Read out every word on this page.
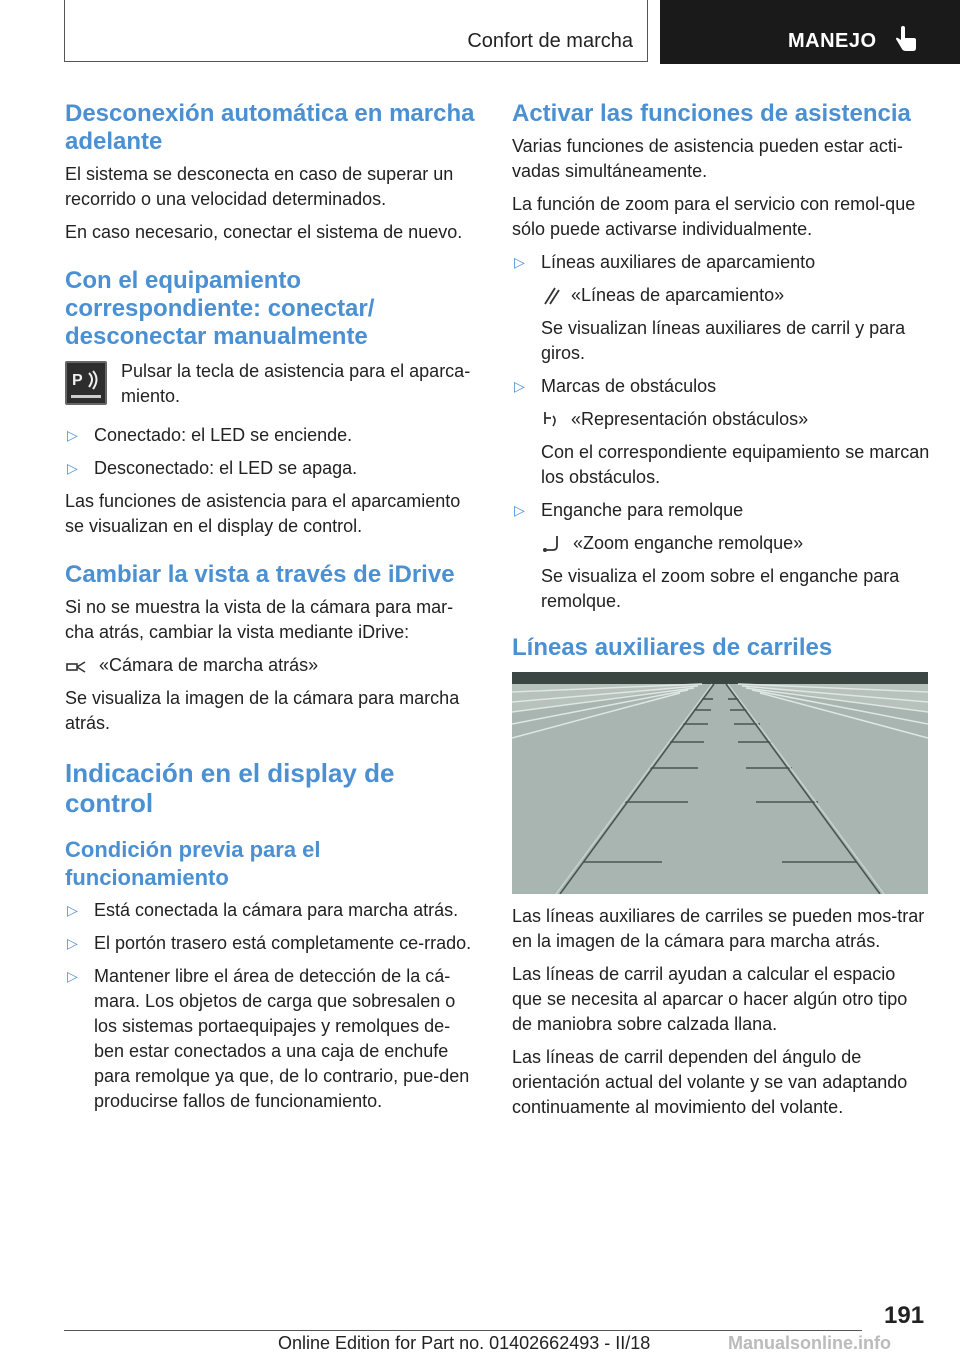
Confort de marcha	MANEJO
Desconexión automática en marcha adelante

El sistema se desconecta en caso de superar un recorrido o una velocidad determinados.

En caso necesario, conectar el sistema de nuevo.

Con el equipamiento correspondiente: conectar/ desconectar manualmente
P Pulsar la tecla de asistencia para el aparca-miento.

▷ Conectado: el LED se enciende.
▷ Desconectado: el LED se apaga.

Las funciones de asistencia para el aparcamiento se visualizan en el display de control.

Cambiar la vista a través de iDrive

Si no se muestra la vista de la cámara para mar-cha atrás, cambiar la vista mediante iDrive:

«Cámara de marcha atrás»

Se visualiza la imagen de la cámara para marcha atrás.

Indicación en el display de control
Condición previa para el funcionamiento
▷ Está conectada la cámara para marcha atrás.
▷ El portón trasero está completamente ce-rrado.
▷ Mantener libre el área de detección de la cá-mara. Los objetos de carga que sobresalen o los sistemas portaequipajes y remolques de-ben estar conectados a una caja de enchufe para remolque ya que, de lo contrario, pue-den producirse fallos de funcionamiento.
Activar las funciones de asistencia

Varias funciones de asistencia pueden estar acti-vadas simultáneamente.

La función de zoom para el servicio con remol-que sólo puede activarse individualmente.

▷ Líneas auxiliares de aparcamiento
«Líneas de aparcamiento»
Se visualizan líneas auxiliares de carril y para giros.
▷ Marcas de obstáculos
«Representación obstáculos»
Con el correspondiente equipamiento se marcan los obstáculos.
▷ Enganche para remolque
«Zoom enganche remolque»
Se visualiza el zoom sobre el enganche para remolque.
Líneas auxiliares de carriles

Las líneas auxiliares de carriles se pueden mos-trar en la imagen de la cámara para marcha atrás.

Las líneas de carril ayudan a calcular el espacio que se necesita al aparcar o hacer algún otro tipo de maniobra sobre calzada llana.

Las líneas de carril dependen del ángulo de orientación actual del volante y se van adaptando continuamente al movimiento del volante.

191
Online Edition for Part no. 01402662493 - II/18	Manualsonline.info
